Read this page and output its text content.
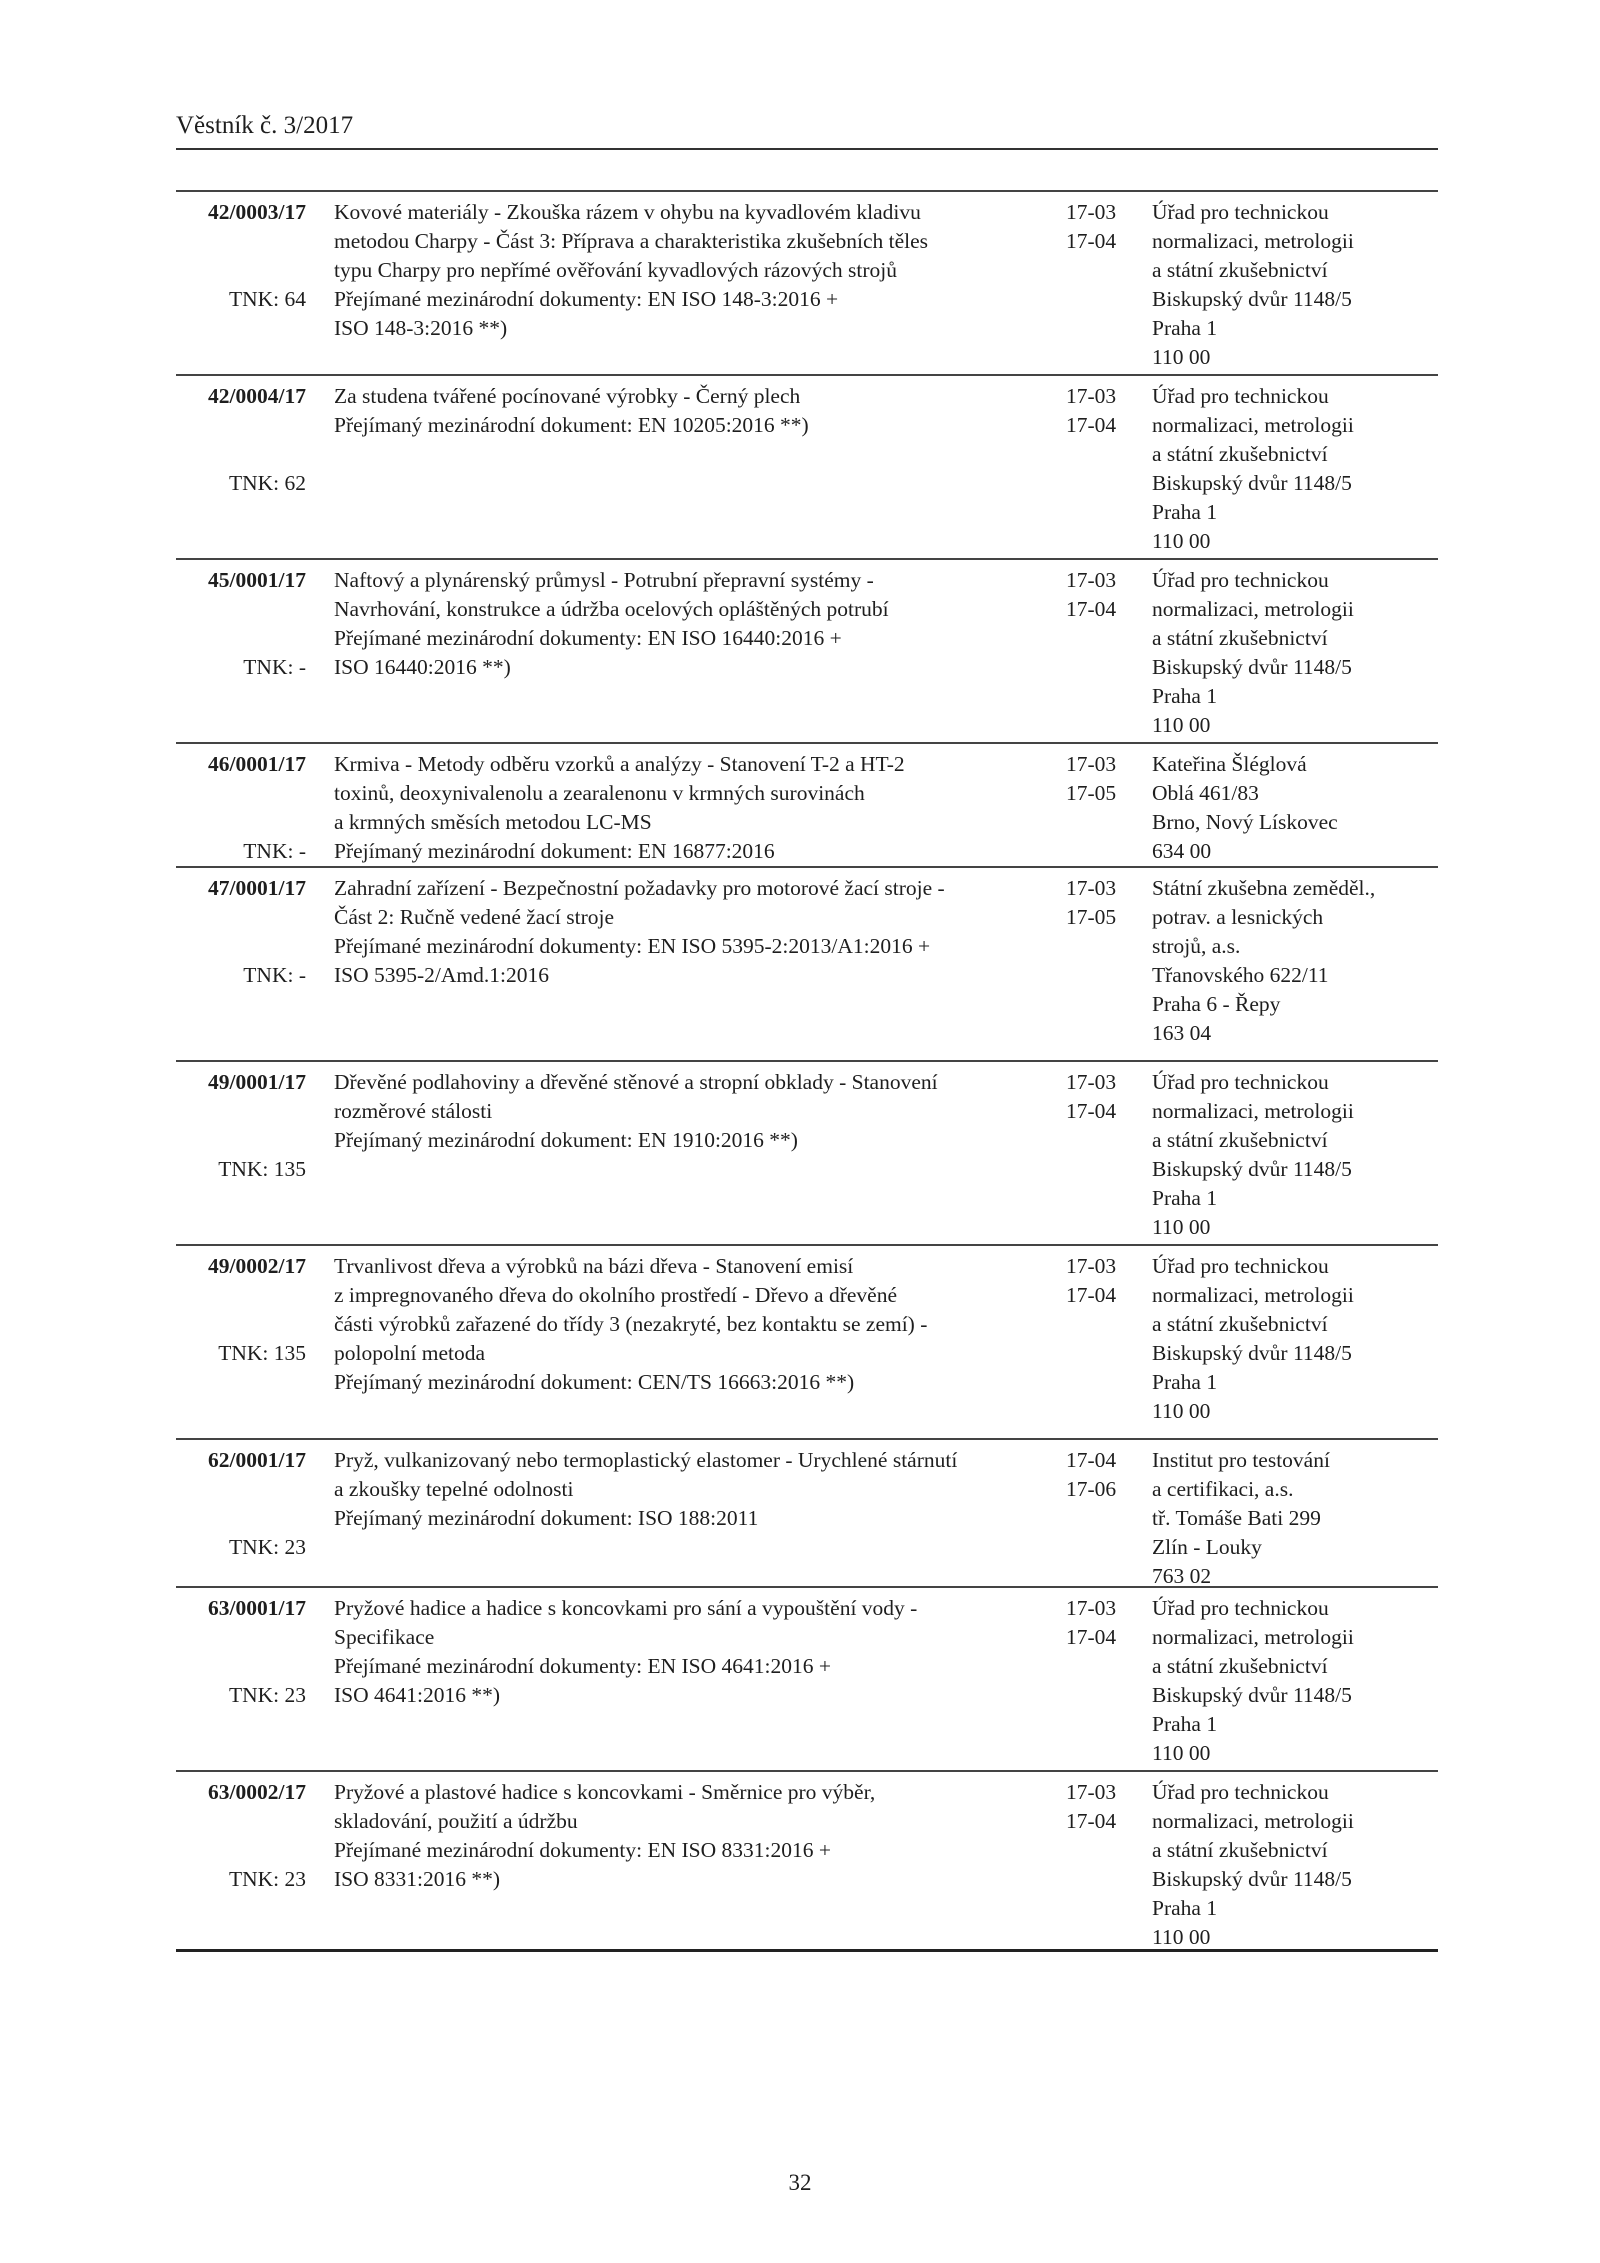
Věstník č. 3/2017
42/0003/17
TNK: 64
Kovové materiály - Zkouška rázem v ohybu na kyvadlovém kladivu
metodou Charpy - Část 3: Příprava a charakteristika zkušebních těles
typu Charpy pro nepřímé ověřování kyvadlových rázových strojů
Přejímané mezinárodní dokumenty: EN ISO 148-3:2016 +
ISO 148-3:2016 **)
17-03
17-04
Úřad pro technickou
normalizaci, metrologii
a státní zkušebnictví
Biskupský dvůr 1148/5
Praha 1
110 00
42/0004/17
TNK: 62
Za studena tvářené pocínované výrobky - Černý plech
Přejímaný mezinárodní dokument: EN 10205:2016 **)
17-03
17-04
Úřad pro technickou
normalizaci, metrologii
a státní zkušebnictví
Biskupský dvůr 1148/5
Praha 1
110 00
45/0001/17
TNK: -
Naftový a plynárenský průmysl - Potrubní přepravní systémy -
Navrhování, konstrukce a údržba ocelových opláštěných potrubí
Přejímané mezinárodní dokumenty: EN ISO 16440:2016 +
ISO 16440:2016 **)
17-03
17-04
Úřad pro technickou
normalizaci, metrologii
a státní zkušebnictví
Biskupský dvůr 1148/5
Praha 1
110 00
46/0001/17
TNK: -
Krmiva - Metody odběru vzorků a analýzy - Stanovení T-2 a HT-2
toxinů, deoxynivalenolu a zearalenonu v krmných surovinách
a krmných směsích metodou LC-MS
Přejímaný mezinárodní dokument: EN 16877:2016
17-03
17-05
Kateřina Šléglová
Oblá 461/83
Brno, Nový Lískovec
634 00
47/0001/17
TNK: -
Zahradní zařízení - Bezpečnostní požadavky pro motorové žací stroje -
Část 2: Ručně vedené žací stroje
Přejímané mezinárodní dokumenty: EN ISO 5395-2:2013/A1:2016 +
ISO 5395-2/Amd.1:2016
17-03
17-05
Státní zkušebna zeměděl.,
potrav. a lesnických
strojů, a.s.
Třanovského 622/11
Praha 6 - Řepy
163 04
49/0001/17
TNK: 135
Dřevěné podlahoviny a dřevěné stěnové a stropní obklady - Stanovení
rozměrové stálosti
Přejímaný mezinárodní dokument: EN 1910:2016 **)
17-03
17-04
Úřad pro technickou
normalizaci, metrologii
a státní zkušebnictví
Biskupský dvůr 1148/5
Praha 1
110 00
49/0002/17
TNK: 135
Trvanlivost dřeva a výrobků na bázi dřeva - Stanovení emisí
z impregnovaného dřeva do okolního prostředí - Dřevo a dřevěné
části výrobků zařazené do třídy 3 (nezakryté, bez kontaktu se zemí) -
polopolní metoda
Přejímaný mezinárodní dokument: CEN/TS 16663:2016 **)
17-03
17-04
Úřad pro technickou
normalizaci, metrologii
a státní zkušebnictví
Biskupský dvůr 1148/5
Praha 1
110 00
62/0001/17
TNK: 23
Pryž, vulkanizovaný nebo termoplastický elastomer - Urychlené stárnutí
a zkoušky tepelné odolnosti
Přejímaný mezinárodní dokument: ISO 188:2011
17-04
17-06
Institut pro testování
a certifikaci, a.s.
tř. Tomáše Bati 299
Zlín - Louky
763 02
63/0001/17
TNK: 23
Pryžové hadice a hadice s koncovkami pro sání a vypouštění vody -
Specifikace
Přejímané mezinárodní dokumenty: EN ISO 4641:2016 +
ISO 4641:2016 **)
17-03
17-04
Úřad pro technickou
normalizaci, metrologii
a státní zkušebnictví
Biskupský dvůr 1148/5
Praha 1
110 00
63/0002/17
TNK: 23
Pryžové a plastové hadice s koncovkami - Směrnice pro výběr,
skladování, použití a údržbu
Přejímané mezinárodní dokumenty: EN ISO 8331:2016 +
ISO 8331:2016 **)
17-03
17-04
Úřad pro technickou
normalizaci, metrologii
a státní zkušebnictví
Biskupský dvůr 1148/5
Praha 1
110 00
32
